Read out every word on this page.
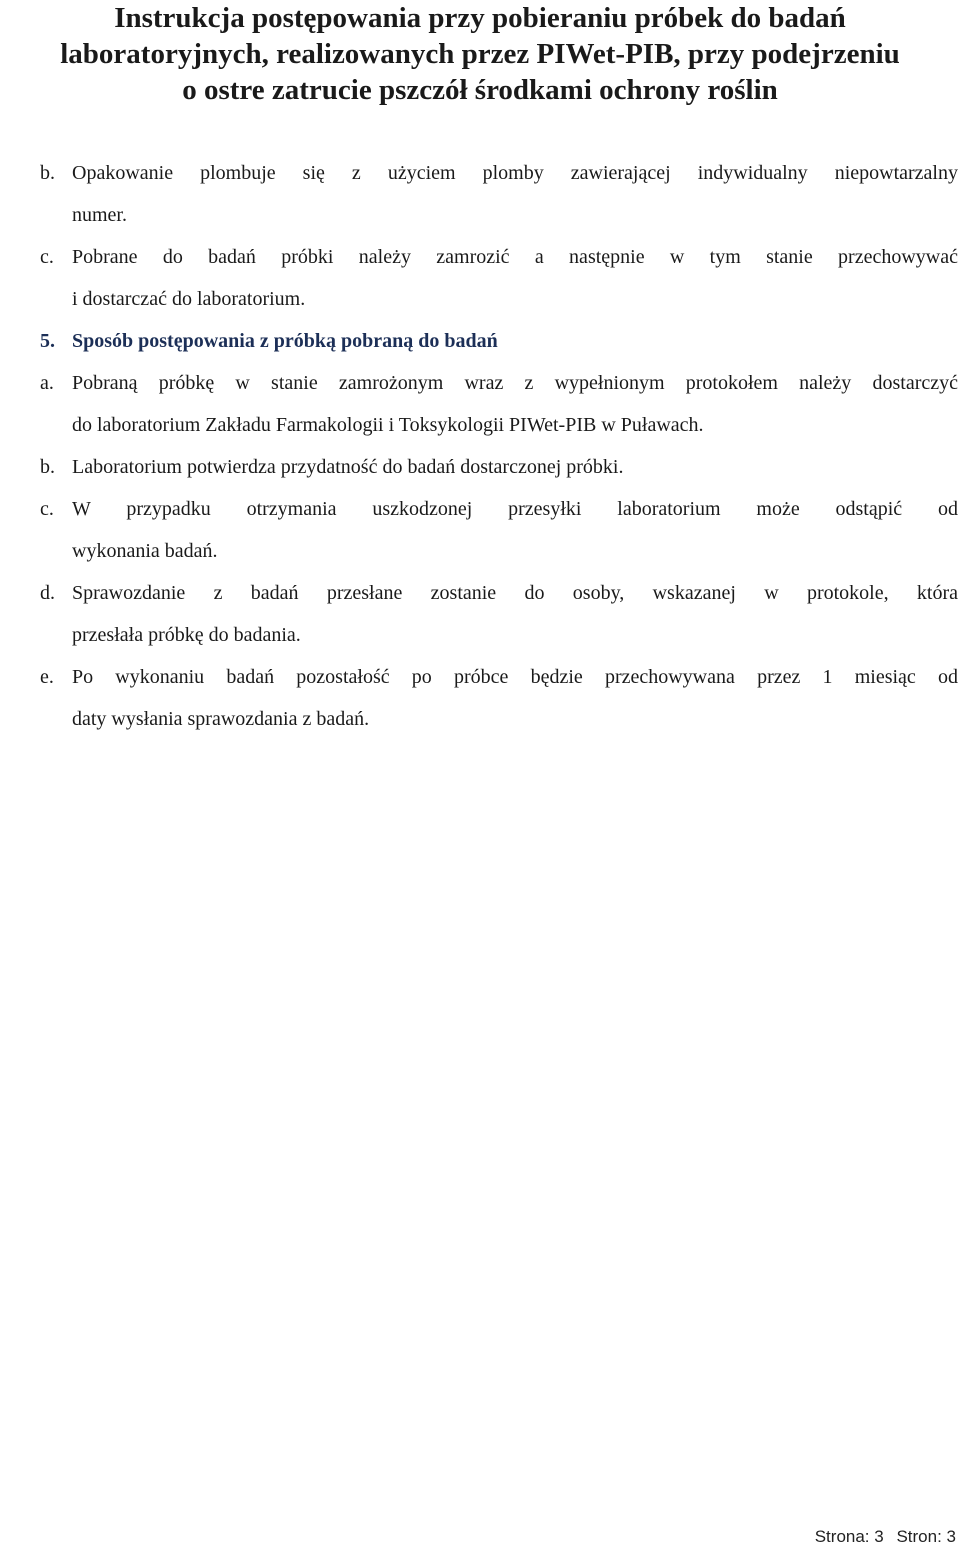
Instrukcja postępowania przy pobieraniu próbek do badań
laboratoryjnych, realizowanych przez PIWet-PIB, przy podejrzeniu
o ostre zatrucie pszczół środkami ochrony roślin
b. Opakowanie plombuje się z użyciem plomby zawierającej indywidualny niepowtarzalny
numer.
c. Pobrane do badań próbki należy zamrozić a następnie w tym stanie przechowywać
i dostarczać do laboratorium.
5. Sposób postępowania z próbką pobraną do badań
a. Pobraną próbkę w stanie zamrożonym wraz z wypełnionym protokołem należy dostarczyć
do laboratorium Zakładu Farmakologii i Toksykologii PIWet-PIB w Puławach.
b. Laboratorium potwierdza przydatność do badań dostarczonej próbki.
c. W przypadku otrzymania uszkodzonej przesyłki laboratorium może odstąpić od
wykonania badań.
d. Sprawozdanie z badań przesłane zostanie do osoby, wskazanej w protokole, która
przesłała próbkę do badania.
e. Po wykonaniu badań pozostałość po próbce będzie przechowywana przez 1 miesiąc od
daty wysłania sprawozdania z badań.
Strona: 3 Stron: 3
